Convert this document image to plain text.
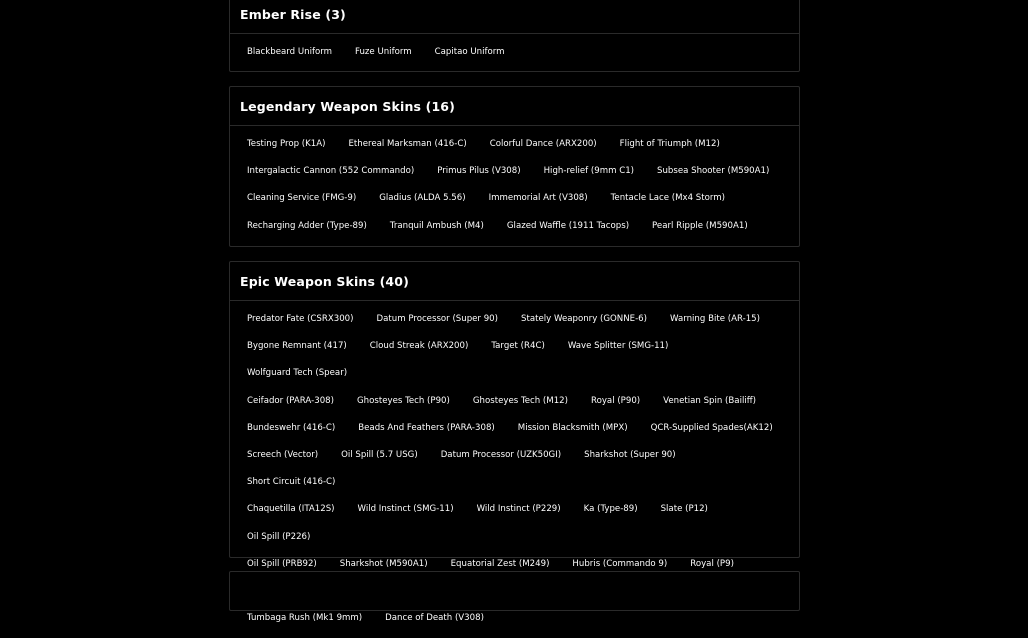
Ember Rise (3)
Blackbeard Uniform	Fuze Uniform	Capitao Uniform
Legendary Weapon Skins (16)
Testing Prop (K1A)	Ethereal Marksman (416-C)	Colorful Dance (ARX200)	Flight of Triumph (M12)
Intergalactic Cannon (552 Commando)	Primus Pilus (V308)	High-relief (9mm C1)	Subsea Shooter (M590A1)
Cleaning Service (FMG-9)	Gladius (ALDA 5.56)	Immemorial Art (V308)	Tentacle Lace (Mx4 Storm)
Recharging Adder (Type-89)	Tranquil Ambush (M4)	Glazed Waffle (1911 Tacops)	Pearl Ripple (M590A1)
Epic Weapon Skins (40)
Predator Fate (CSRX300)	Datum Processor (Super 90)	Stately Weaponry (GONNE-6)	Warning Bite (AR-15)
Bygone Remnant (417)	Cloud Streak (ARX200)	Target (R4C)	Wave Splitter (SMG-11)
Wolfguard Tech (Spear)
Ceifador (PARA-308)	Ghosteyes Tech (P90)	Ghosteyes Tech (M12)	Royal (P90)	Venetian Spin (Bailiff)
Bundeswehr (416-C)	Beads And Feathers (PARA-308)	Mission Blacksmith (MPX)	QCR-Supplied Spades(AK12)
Screech (Vector)	Oil Spill (5.7 USG)	Datum Processor (UZK50GI)	Sharkshot (Super 90)
Short Circuit (416-C)
Chaquetilla (ITA12S)	Wild Instinct (SMG-11)	Wild Instinct (P229)	Ka (Type-89)	Slate (P12)
Oil Spill (P226)
Oil Spill (PRB92)	Sharkshot (M590A1)	Equatorial Zest (M249)	Hubris (Commando 9)	Royal (P9)
Tumbaga Rush (Mk1 9mm)	Dance of Death (V308)
